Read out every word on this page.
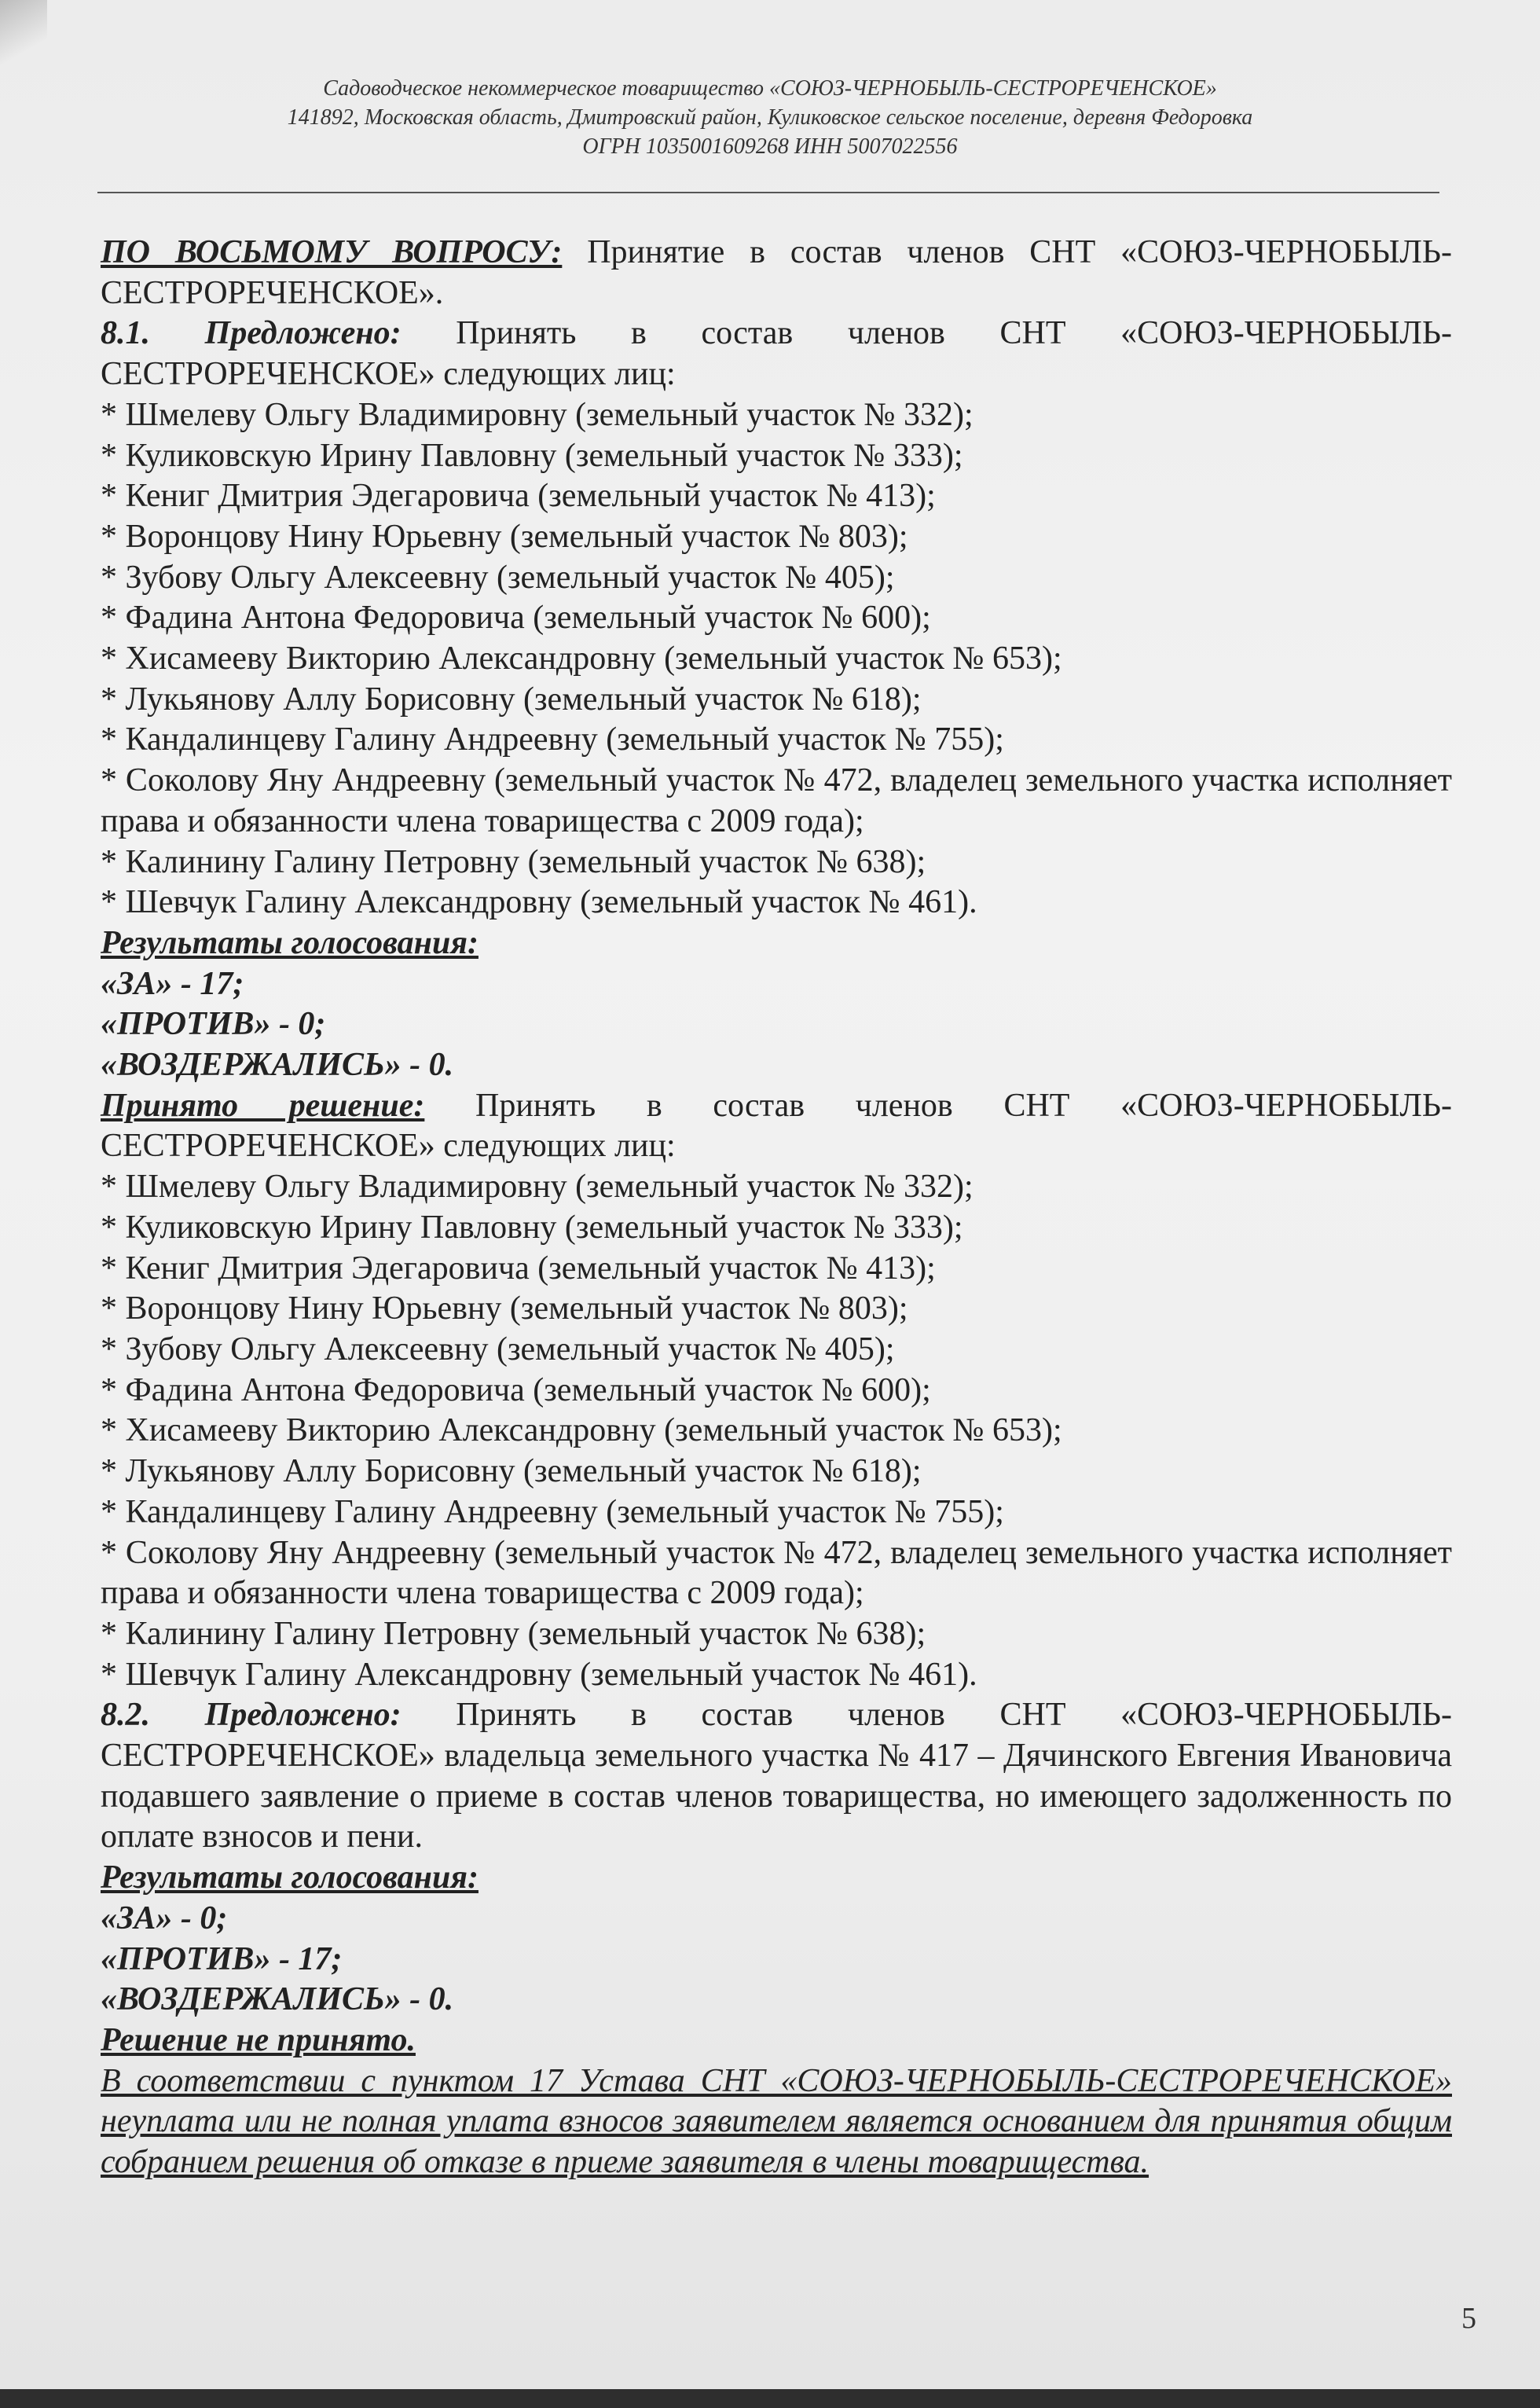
Садоводческое некоммерческое товарищество «СОЮЗ-ЧЕРНОБЫЛЬ-СЕСТРОРЕЧЕНСКОЕ»
141892, Московская область, Дмитровский район, Куликовское сельское поселение, деревня Федоровка
ОГРН 1035001609268 ИНН 5007022556

ПО ВОСЬМОМУ ВОПРОСУ: Принятие в состав членов СНТ «СОЮЗ-ЧЕРНОБЫЛЬ-СЕСТРОРЕЧЕНСКОЕ».

8.1. Предложено: Принять в состав членов СНТ «СОЮЗ-ЧЕРНОБЫЛЬ-СЕСТРОРЕЧЕНСКОЕ» следующих лиц:

* Шмелеву Ольгу Владимировну (земельный участок № 332);

* Куликовскую Ирину Павловну (земельный участок № 333);

* Кениг Дмитрия Эдегаровича (земельный участок № 413);

* Воронцову Нину Юрьевну (земельный участок № 803);

* Зубову Ольгу Алексеевну (земельный участок № 405);

* Фадина Антона Федоровича (земельный участок № 600);

* Хисамееву Викторию Александровну (земельный участок № 653);

* Лукьянову Аллу Борисовну (земельный участок № 618);

* Кандалинцеву Галину Андреевну (земельный участок № 755);

* Соколову Яну Андреевну (земельный участок № 472, владелец земельного участка исполняет права и обязанности члена товарищества с 2009 года);

* Калинину Галину Петровну (земельный участок № 638);

* Шевчук Галину Александровну (земельный участок № 461).

Результаты голосования:

«ЗА» - 17;

«ПРОТИВ» - 0;

«ВОЗДЕРЖАЛИСЬ» - 0.

Принято решение: Принять в состав членов СНТ «СОЮЗ-ЧЕРНОБЫЛЬ-СЕСТРОРЕЧЕНСКОЕ» следующих лиц:

* Шмелеву Ольгу Владимировну (земельный участок № 332);

* Куликовскую Ирину Павловну (земельный участок № 333);

* Кениг Дмитрия Эдегаровича (земельный участок № 413);

* Воронцову Нину Юрьевну (земельный участок № 803);

* Зубову Ольгу Алексеевну (земельный участок № 405);

* Фадина Антона Федоровича (земельный участок № 600);

* Хисамееву Викторию Александровну (земельный участок № 653);

* Лукьянову Аллу Борисовну (земельный участок № 618);

* Кандалинцеву Галину Андреевну (земельный участок № 755);

* Соколову Яну Андреевну (земельный участок № 472, владелец земельного участка исполняет права и обязанности члена товарищества с 2009 года);

* Калинину Галину Петровну (земельный участок № 638);

* Шевчук Галину Александровну (земельный участок № 461).

8.2. Предложено: Принять в состав членов СНТ «СОЮЗ-ЧЕРНОБЫЛЬ-СЕСТРОРЕЧЕНСКОЕ» владельца земельного участка № 417 – Дячинского Евгения Ивановича подавшего заявление о приеме в состав членов товарищества, но имеющего задолженность по оплате взносов и пени.

Результаты голосования:

«ЗА» - 0;

«ПРОТИВ» - 17;

«ВОЗДЕРЖАЛИСЬ» - 0.

Решение не принято.

В соответствии с пунктом 17 Устава СНТ «СОЮЗ-ЧЕРНОБЫЛЬ-СЕСТРОРЕЧЕНСКОЕ» неуплата или не полная уплата взносов заявителем является основанием для принятия общим собранием решения об отказе в приеме заявителя в члены товарищества.

5
